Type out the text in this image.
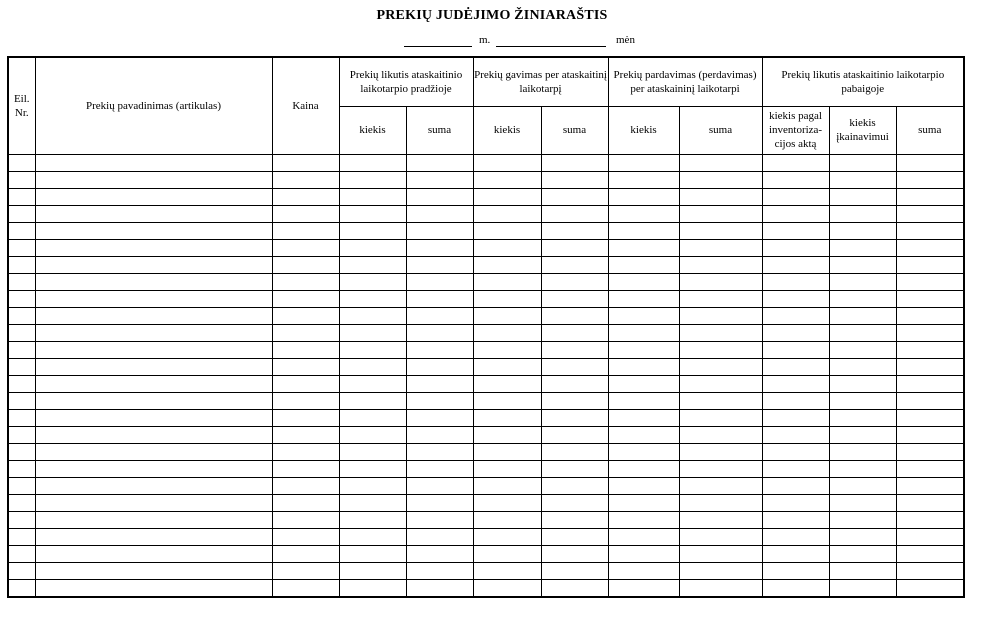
PREKIŲ JUDĖJIMO ŽINIARAŠTIS
m.	mėn
Eil. Nr.	Prekių pavadinimas (artikulas)	Kaina	Prekių likutis ataskaitinio laikotarpio pradžioje		Prekių gavimas per ataskaitinį laikotarpį		Prekių pardavimas (perdavimas) per ataskaininį laikotarpi		Prekių likutis ataskaitinio laikotarpio pabaigoje		
			kiekis	suma	kiekis	suma	kiekis	suma	kiekis pagal inventoriza-cijos aktą	kiekis įkainavimui	suma
